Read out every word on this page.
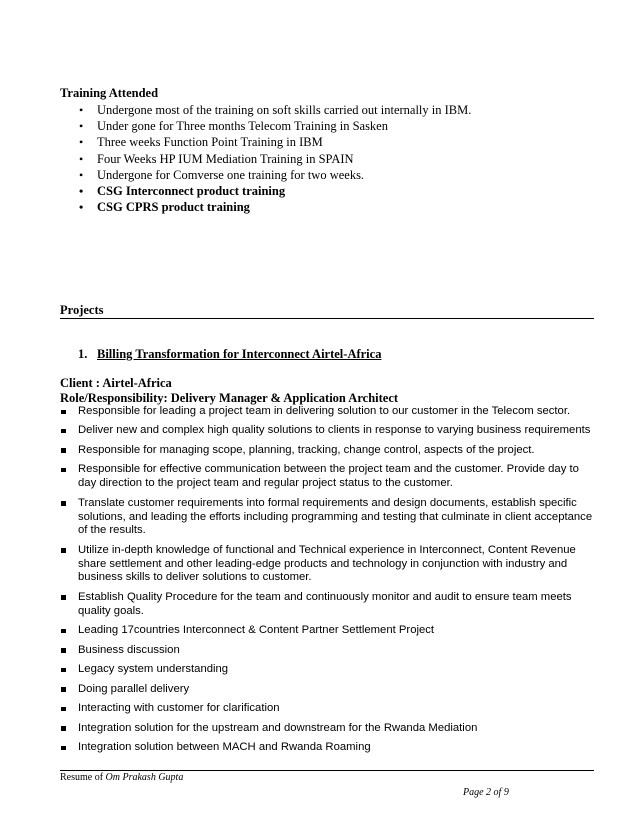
Training Attended
• Undergone most of the training on soft skills carried out internally in IBM.
• Under gone for Three months Telecom Training in Sasken
• Three weeks Function Point Training in IBM
• Four Weeks HP IUM Mediation Training in SPAIN
• Undergone for Comverse one training for two weeks.
• CSG Interconnect product training
• CSG CPRS product training
Projects
1. Billing Transformation for Interconnect Airtel-Africa
Client : Airtel-Africa
Role/Responsibility: Delivery Manager & Application Architect
Responsible for leading a project team in delivering solution to our customer in the Telecom sector.
Deliver new and complex high quality solutions to clients in response to varying business requirements
Responsible for managing scope, planning, tracking, change control, aspects of the project.
Responsible for effective communication between the project team and the customer. Provide day to day direction to the project team and regular project status to the customer.
Translate customer requirements into formal requirements and design documents, establish specific solutions, and leading the efforts including programming and testing that culminate in client acceptance of the results.
Utilize in-depth knowledge of functional and Technical experience in Interconnect, Content Revenue share settlement and other leading-edge products and technology in conjunction with industry and business skills to deliver solutions to customer.
Establish Quality Procedure for the team and continuously monitor and audit to ensure team meets quality goals.
Leading 17countries Interconnect & Content Partner Settlement Project
Business discussion
Legacy system understanding
Doing parallel delivery
Interacting with customer for clarification
Integration solution for the upstream and downstream for the Rwanda Mediation
Integration solution between MACH and Rwanda Roaming
Resume of Om Prakash Gupta
Page 2 of 9
